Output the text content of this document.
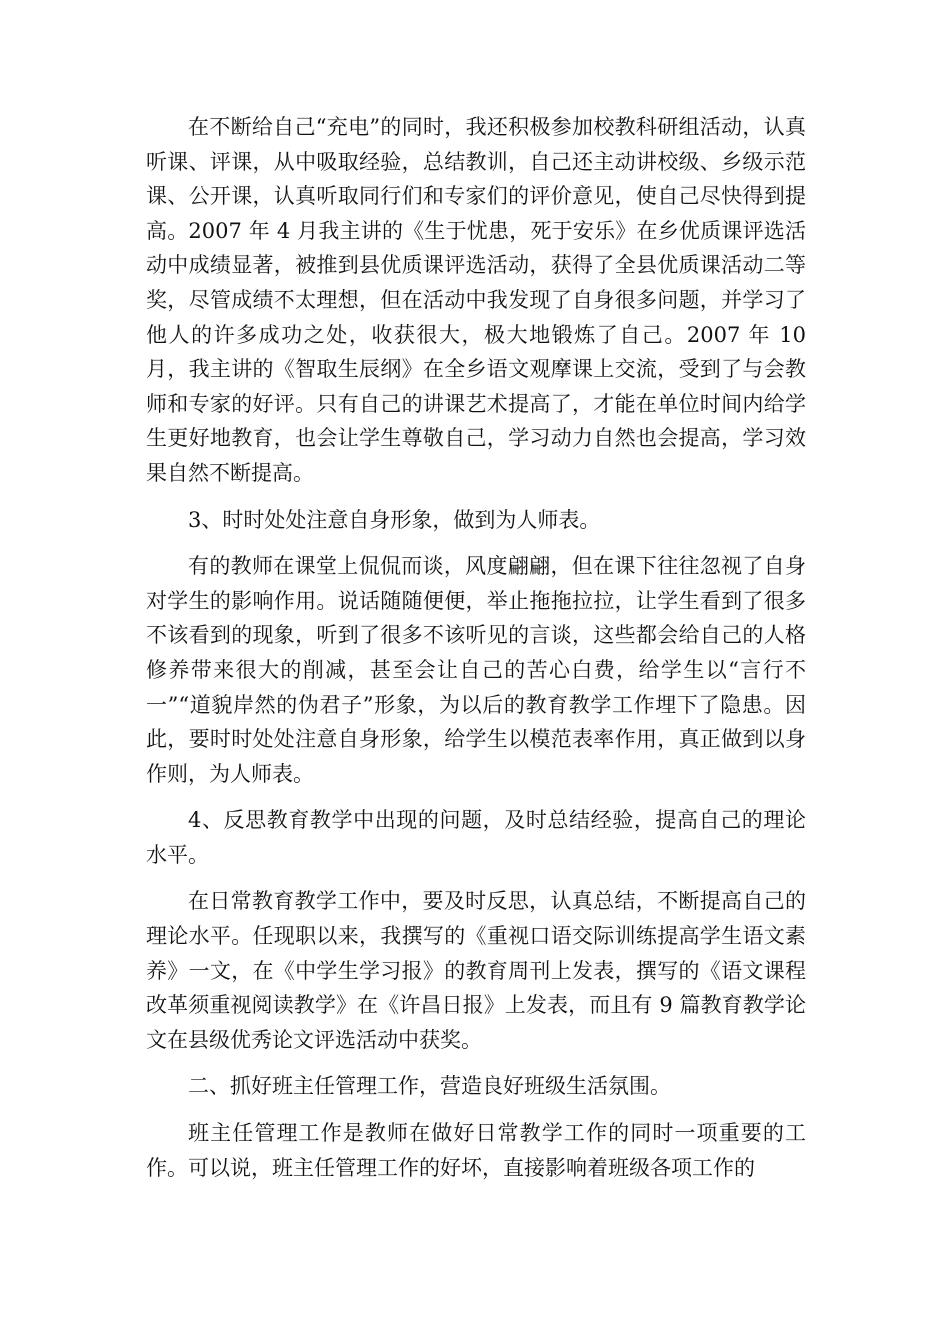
在不断给自己“充电”的同时，我还积极参加校教科研组活动，认真听课、评课，从中吸取经验，总结教训，自己还主动讲校级、乡级示范课、公开课，认真听取同行们和专家们的评价意见，使自己尽快得到提高。2007 年 4 月我主讲的《生于忧患，死于安乐》在乡优质课评选活动中成绩显著，被推到县优质课评选活动，获得了全县优质课活动二等奖，尽管成绩不太理想，但在活动中我发现了自身很多问题，并学习了他人的许多成功之处，收获很大，极大地锻炼了自己。2007 年 10 月，我主讲的《智取生辰纲》在全乡语文观摩课上交流，受到了与会教师和专家的好评。只有自己的讲课艺术提高了，才能在单位时间内给学生更好地教育，也会让学生尊敬自己，学习动力自然也会提高，学习效果自然不断提高。

3、时时处处注意自身形象，做到为人师表。

有的教师在课堂上侃侃而谈，风度翩翩，但在课下往往忽视了自身对学生的影响作用。说话随随便便，举止拖拖拉拉，让学生看到了很多不该看到的现象，听到了很多不该听见的言谈，这些都会给自己的人格修养带来很大的削减，甚至会让自己的苦心白费，给学生以“言行不一”“道貌岸然的伪君子”形象，为以后的教育教学工作埋下了隐患。因此，要时时处处注意自身形象，给学生以模范表率作用，真正做到以身作则，为人师表。

4、反思教育教学中出现的问题，及时总结经验，提高自己的理论水平。

在日常教育教学工作中，要及时反思，认真总结，不断提高自己的理论水平。任现职以来，我撰写的《重视口语交际训练提高学生语文素养》一文，在《中学生学习报》的教育周刊上发表，撰写的《语文课程改革须重视阅读教学》在《许昌日报》上发表，而且有 9 篇教育教学论文在县级优秀论文评选活动中获奖。

二、抓好班主任管理工作，营造良好班级生活氛围。

班主任管理工作是教师在做好日常教学工作的同时一项重要的工作。可以说，班主任管理工作的好坏，直接影响着班级各项工作的
